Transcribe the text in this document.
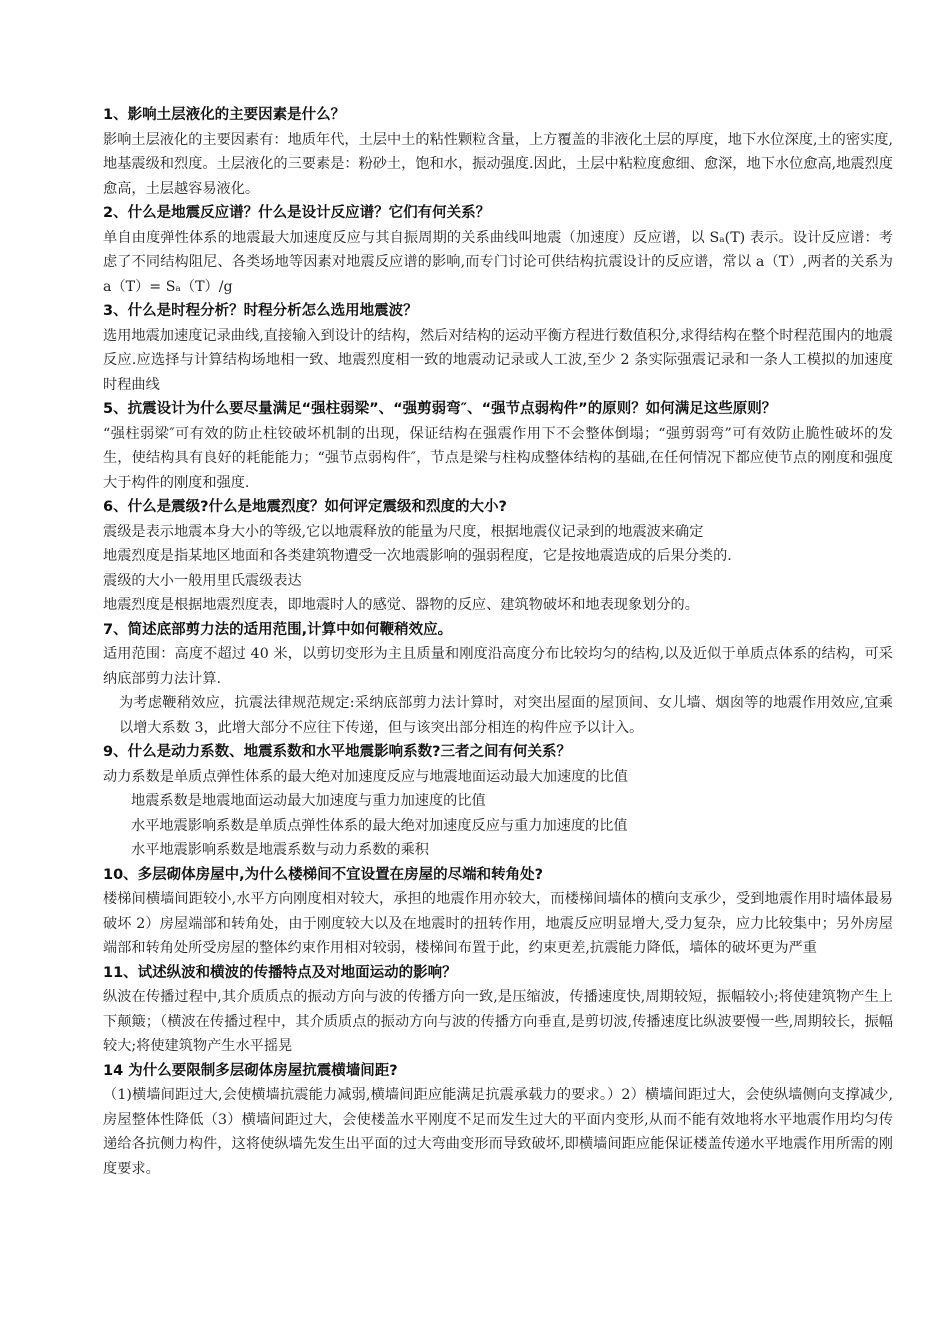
1、影响土层液化的主要因素是什么？

影响土层液化的主要因素有：地质年代，土层中土的粘性颗粒含量，上方覆盖的非液化土层的厚度，地下水位深度,土的密实度,地基震级和烈度。土层液化的三要素是：粉砂土，饱和水，振动强度.因此，土层中粘粒度愈细、愈深，地下水位愈高,地震烈度愈高，土层越容易液化。

2、什么是地震反应谱？什么是设计反应谱？它们有何关系？

单自由度弹性体系的地震最大加速度反应与其自振周期的关系曲线叫地震（加速度）反应谱，以 Sₐ(T) 表示。设计反应谱：考虑了不同结构阻尼、各类场地等因素对地震反应谱的影响,而专门讨论可供结构抗震设计的反应谱，常以 a（T）,两者的关系为 a（T）= Sₐ（T）/g

3、什么是时程分析？时程分析怎么选用地震波？

选用地震加速度记录曲线,直接输入到设计的结构，然后对结构的运动平衡方程进行数值积分,求得结构在整个时程范围内的地震反应.应选择与计算结构场地相一致、地震烈度相一致的地震动记录或人工波,至少 2 条实际强震记录和一条人工模拟的加速度时程曲线

5、抗震设计为什么要尽量满足“强柱弱梁”、“强剪弱弯″、“强节点弱构件”的原则？如何满足这些原则？

“强柱弱梁″可有效的防止柱铰破坏机制的出现，保证结构在强震作用下不会整体倒塌；“强剪弱弯”可有效防止脆性破坏的发生，使结构具有良好的耗能能力；“强节点弱构件″，节点是梁与柱构成整体结构的基础,在任何情况下都应使节点的刚度和强度大于构件的刚度和强度.

6、什么是震级?什么是地震烈度？如何评定震级和烈度的大小?

震级是表示地震本身大小的等级,它以地震释放的能量为尺度，根据地震仪记录到的地震波来确定

地震烈度是指某地区地面和各类建筑物遭受一次地震影响的强弱程度，它是按地震造成的后果分类的.

震级的大小一般用里氏震级表达

地震烈度是根据地震烈度表，即地震时人的感觉、器物的反应、建筑物破坏和地表现象划分的。

7、简述底部剪力法的适用范围,计算中如何鞭稍效应。

适用范围：高度不超过 40 米，以剪切变形为主且质量和刚度沿高度分布比较均匀的结构,以及近似于单质点体系的结构，可采纳底部剪力法计算.

为考虑鞭稍效应，抗震法律规范规定:采纳底部剪力法计算时，对突出屋面的屋顶间、女儿墙、烟囱等的地震作用效应,宜乘以增大系数 3，此增大部分不应往下传递，但与该突出部分相连的构件应予以计入。

9、什么是动力系数、地震系数和水平地震影响系数?三者之间有何关系？

动力系数是单质点弹性体系的最大绝对加速度反应与地震地面运动最大加速度的比值

地震系数是地震地面运动最大加速度与重力加速度的比值

水平地震影响系数是单质点弹性体系的最大绝对加速度反应与重力加速度的比值

水平地震影响系数是地震系数与动力系数的乘积

10、多层砌体房屋中,为什么楼梯间不宜设置在房屋的尽端和转角处?

楼梯间横墙间距较小,水平方向刚度相对较大，承担的地震作用亦较大，而楼梯间墙体的横向支承少，受到地震作用时墙体最易破坏 2）房屋端部和转角处，由于刚度较大以及在地震时的扭转作用，地震反应明显增大,受力复杂，应力比较集中；另外房屋端部和转角处所受房屋的整体约束作用相对较弱，楼梯间布置于此，约束更差,抗震能力降低，墙体的破坏更为严重

11、试述纵波和横波的传播特点及对地面运动的影响？

纵波在传播过程中,其介质质点的振动方向与波的传播方向一致,是压缩波，传播速度快,周期较短，振幅较小;将使建筑物产生上下颠簸；（横波在传播过程中，其介质质点的振动方向与波的传播方向垂直,是剪切波,传播速度比纵波要慢一些,周期较长，振幅较大;将使建筑物产生水平摇晃

14 为什么要限制多层砌体房屋抗震横墙间距?

（1)横墙间距过大,会使横墙抗震能力减弱,横墙间距应能满足抗震承载力的要求。）2）横墙间距过大，会使纵墙侧向支撑减少,房屋整体性降低（3）横墙间距过大，会使楼盖水平刚度不足而发生过大的平面内变形,从而不能有效地将水平地震作用均匀传递给各抗侧力构件，这将使纵墙先发生出平面的过大弯曲变形而导致破坏,即横墙间距应能保证楼盖传递水平地震作用所需的刚度要求。
